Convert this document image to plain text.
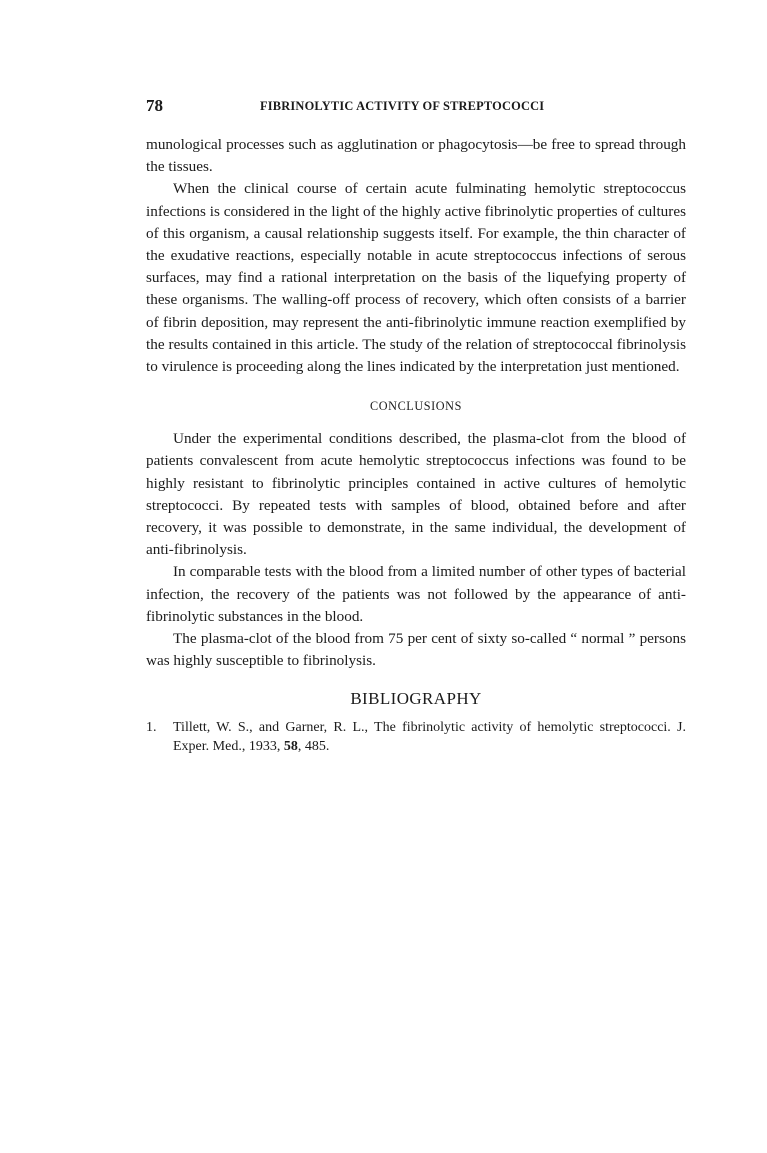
78	FIBRINOLYTIC ACTIVITY OF STREPTOCOCCI

munological processes such as agglutination or phagocytosis—be free to spread through the tissues.

When the clinical course of certain acute fulminating hemolytic streptococcus infections is considered in the light of the highly active fibrinolytic properties of cultures of this organism, a causal relationship suggests itself. For example, the thin character of the exudative reactions, especially notable in acute streptococcus infections of serous surfaces, may find a rational interpretation on the basis of the liquefying property of these organisms. The walling-off process of recovery, which often consists of a barrier of fibrin deposition, may represent the anti-fibrinolytic immune reaction exemplified by the results contained in this article. The study of the relation of streptococcal fibrinolysis to virulence is proceeding along the lines indicated by the interpretation just mentioned.

CONCLUSIONS

Under the experimental conditions described, the plasma-clot from the blood of patients convalescent from acute hemolytic streptococcus infections was found to be highly resistant to fibrinolytic principles contained in active cultures of hemolytic streptococci. By repeated tests with samples of blood, obtained before and after recovery, it was possible to demonstrate, in the same individual, the development of anti-fibrinolysis.

In comparable tests with the blood from a limited number of other types of bacterial infection, the recovery of the patients was not followed by the appearance of anti-fibrinolytic substances in the blood.

The plasma-clot of the blood from 75 per cent of sixty so-called “ normal ” persons was highly susceptible to fibrinolysis.

BIBLIOGRAPHY

1. Tillett, W. S., and Garner, R. L., The fibrinolytic activity of hemolytic streptococci. J. Exper. Med., 1933, 58, 485.
